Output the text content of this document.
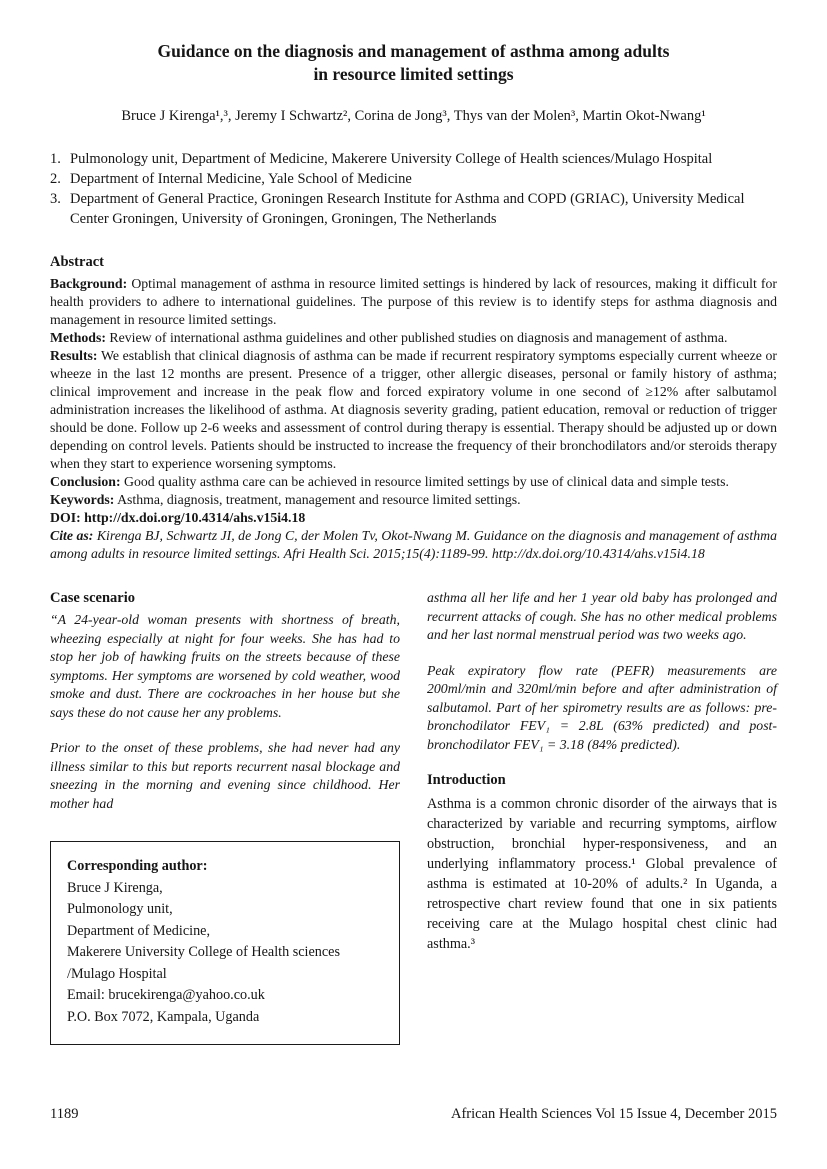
Guidance on the diagnosis and management of asthma among adults
in resource limited settings
Bruce J Kirenga¹,³, Jeremy I Schwartz², Corina de Jong³, Thys van der Molen³, Martin Okot-Nwang¹
1. Pulmonology unit, Department of Medicine, Makerere University College of Health sciences/Mulago Hospital
2. Department of Internal Medicine, Yale School of Medicine
3. Department of General Practice, Groningen Research Institute for Asthma and COPD (GRIAC), University Medical Center Groningen, University of Groningen, Groningen, The Netherlands
Abstract

Background: Optimal management of asthma in resource limited settings is hindered by lack of resources, making it difficult for health providers to adhere to international guidelines. The purpose of this review is to identify steps for asthma diagnosis and management in resource limited settings.

Methods: Review of international asthma guidelines and other published studies on diagnosis and management of asthma.

Results: We establish that clinical diagnosis of asthma can be made if recurrent respiratory symptoms especially current wheeze or wheeze in the last 12 months are present. Presence of a trigger, other allergic diseases, personal or family history of asthma; clinical improvement and increase in the peak flow and forced expiratory volume in one second of ≥12% after salbutamol administration increases the likelihood of asthma. At diagnosis severity grading, patient education, removal or reduction of trigger should be done. Follow up 2-6 weeks and assessment of control during therapy is essential. Therapy should be adjusted up or down depending on control levels. Patients should be instructed to increase the frequency of their bronchodilators and/or steroids therapy when they start to experience worsening symptoms.

Conclusion: Good quality asthma care can be achieved in resource limited settings by use of clinical data and simple tests.

Keywords: Asthma, diagnosis, treatment, management and resource limited settings.

DOI: http://dx.doi.org/10.4314/ahs.v15i4.18

Cite as: Kirenga BJ, Schwartz JI, de Jong C, der Molen Tv, Okot-Nwang M. Guidance on the diagnosis and management of asthma among adults in resource limited settings. Afri Health Sci. 2015;15(4):1189-99. http://dx.doi.org/10.4314/ahs.v15i4.18

Case scenario

“A 24-year-old woman presents with shortness of breath, wheezing especially at night for four weeks. She has had to stop her job of hawking fruits on the streets because of these symptoms. Her symptoms are worsened by cold weather, wood smoke and dust. There are cockroaches in her house but she says these do not cause her any problems.

Prior to the onset of these problems, she had never had any illness similar to this but reports recurrent nasal blockage and sneezing in the morning and evening since childhood. Her mother had

Corresponding author:
Bruce J Kirenga,
Pulmonology unit,
Department of Medicine,
Makerere University College of Health sciences
/Mulago Hospital
Email: brucekirenga@yahoo.co.uk
P.O. Box 7072, Kampala, Uganda

asthma all her life and her 1 year old baby has prolonged and recurrent attacks of cough. She has no other medical problems and her last normal menstrual period was two weeks ago.

Peak expiratory flow rate (PEFR) measurements are 200ml/min and 320ml/min before and after administration of salbutamol. Part of her spirometry results are as follows: pre-bronchodilator FEV₁ = 2.8L (63% predicted) and post-bronchodilator FEV₁ = 3.18 (84% predicted).

Introduction

Asthma is a common chronic disorder of the airways that is characterized by variable and recurring symptoms, airflow obstruction, bronchial hyper-responsiveness, and an underlying inflammatory process.¹ Global prevalence of asthma is estimated at 10-20% of adults.² In Uganda, a retrospective chart review found that one in six patients receiving care at the Mulago hospital chest clinic had asthma.³

1189	African Health Sciences Vol 15 Issue 4, December 2015
